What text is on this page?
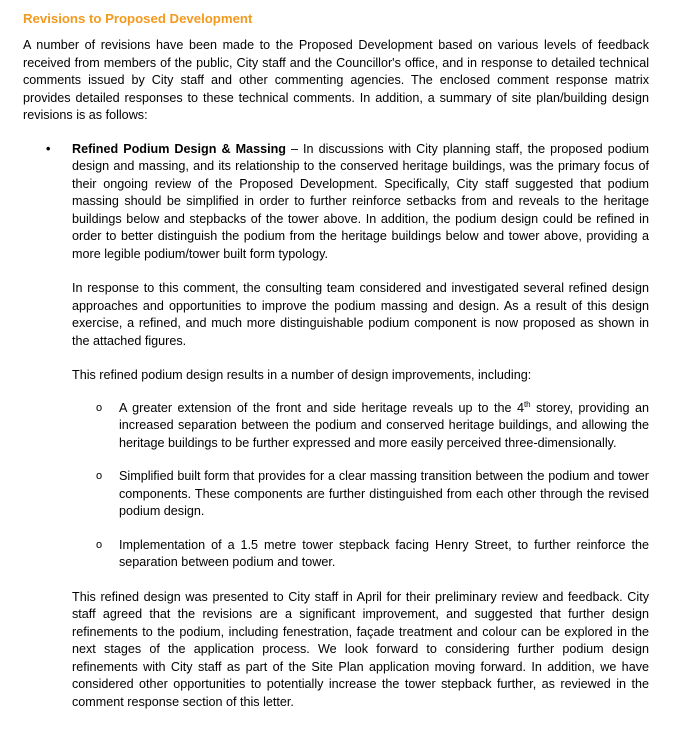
Revisions to Proposed Development

A number of revisions have been made to the Proposed Development based on various levels of feedback received from members of the public, City staff and the Councillor's office, and in response to detailed technical comments issued by City staff and other commenting agencies. The enclosed comment response matrix provides detailed responses to these technical comments. In addition, a summary of site plan/building design revisions is as follows:

• Refined Podium Design & Massing – In discussions with City planning staff, the proposed podium design and massing, and its relationship to the conserved heritage buildings, was the primary focus of their ongoing review of the Proposed Development. Specifically, City staff suggested that podium massing should be simplified in order to further reinforce setbacks from and reveals to the heritage buildings below and stepbacks of the tower above. In addition, the podium design could be refined in order to better distinguish the podium from the heritage buildings below and tower above, providing a more legible podium/tower built form typology.

In response to this comment, the consulting team considered and investigated several refined design approaches and opportunities to improve the podium massing and design. As a result of this design exercise, a refined, and much more distinguishable podium component is now proposed as shown in the attached figures.

This refined podium design results in a number of design improvements, including:

o A greater extension of the front and side heritage reveals up to the 4th storey, providing an increased separation between the podium and conserved heritage buildings, and allowing the heritage buildings to be further expressed and more easily perceived three-dimensionally.

o Simplified built form that provides for a clear massing transition between the podium and tower components. These components are further distinguished from each other through the revised podium design.

o Implementation of a 1.5 metre tower stepback facing Henry Street, to further reinforce the separation between podium and tower.

This refined design was presented to City staff in April for their preliminary review and feedback. City staff agreed that the revisions are a significant improvement, and suggested that further design refinements to the podium, including fenestration, façade treatment and colour can be explored in the next stages of the application process. We look forward to considering further podium design refinements with City staff as part of the Site Plan application moving forward. In addition, we have considered other opportunities to potentially increase the tower stepback further, as reviewed in the comment response section of this letter.
